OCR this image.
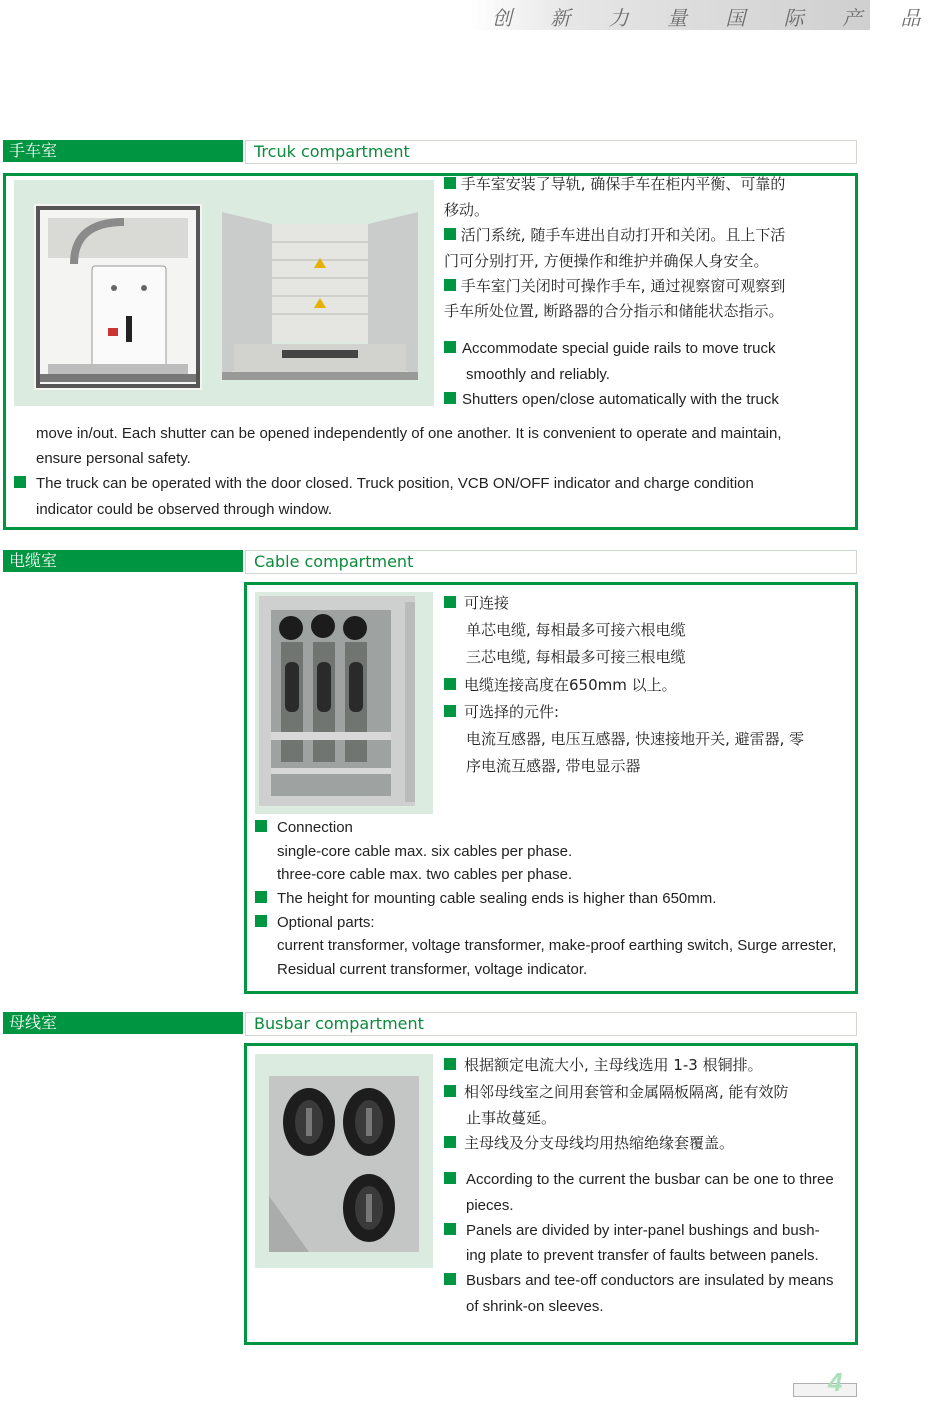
创 新 力 量 国 际 产 品
手车室	Trcuk compartment
手车室安装了导轨, 确保手车在柜内平衡、可靠的
移动。
活门系统, 随手车进出自动打开和关闭。且上下活
门可分别打开, 方便操作和维护并确保人身安全。
手车室门关闭时可操作手车, 通过视察窗可观察到
手车所处位置, 断路器的合分指示和储能状态指示。
Accommodate special guide rails to move truck
smoothly and reliably.
Shutters open/close automatically with the truck
move in/out. Each shutter can be opened independently of one another. It is convenient to operate and maintain,
ensure personal safety.
The truck can be operated with the door closed. Truck position, VCB ON/OFF indicator and charge condition
indicator could be observed through window.
电缆室	Cable compartment
可连接
单芯电缆, 每相最多可接六根电缆
三芯电缆, 每相最多可接三根电缆
电缆连接高度在650mm 以上。
可选择的元件:
电流互感器, 电压互感器, 快速接地开关, 避雷器, 零
序电流互感器, 带电显示器
Connection
single-core cable max. six cables per phase.
three-core cable max. two cables per phase.
The height for mounting cable sealing ends is higher than 650mm.
Optional parts:
current transformer, voltage transformer, make-proof earthing switch, Surge arrester,
Residual current transformer, voltage indicator.
母线室	Busbar compartment
根据额定电流大小, 主母线选用 1-3 根铜排。
相邻母线室之间用套管和金属隔板隔离, 能有效防
止事故蔓延。
主母线及分支母线均用热缩绝缘套覆盖。
According to the current the busbar can be one to three
pieces.
Panels are divided by inter-panel bushings and bush-
ing plate to prevent transfer of faults between panels.
Busbars and tee-off conductors are insulated by means
of shrink-on sleeves.
4
